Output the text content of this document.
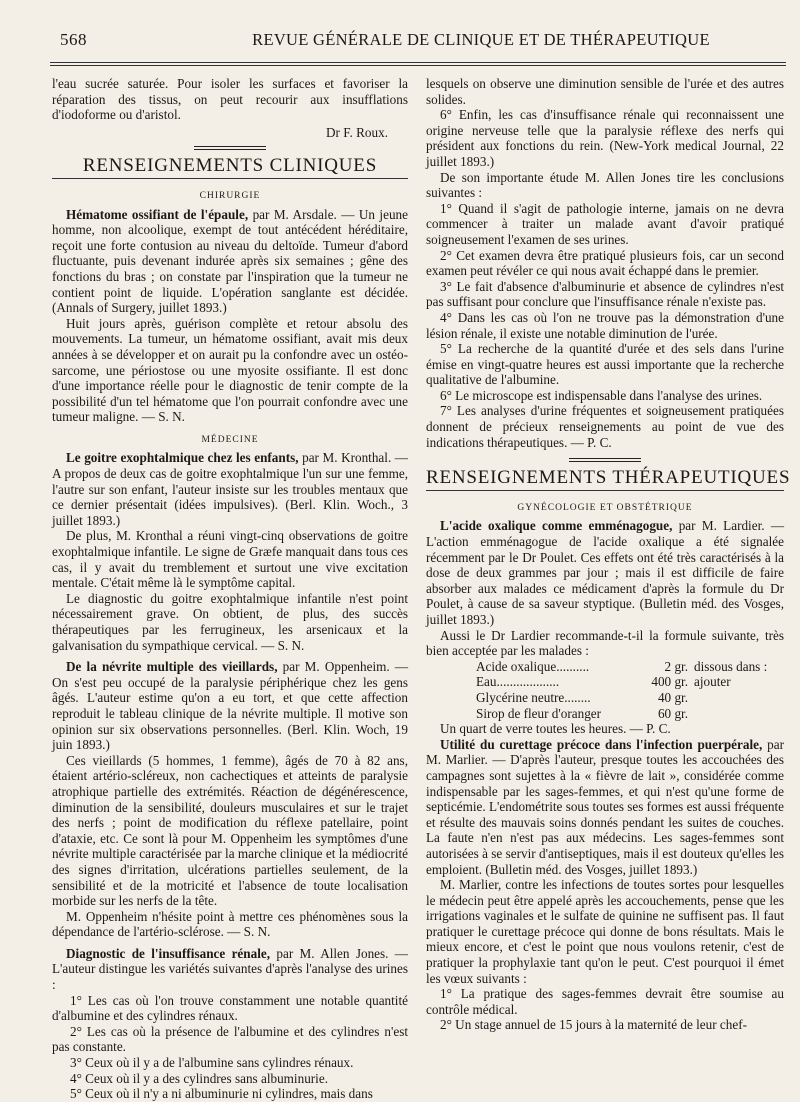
568	REVUE GÉNÉRALE DE CLINIQUE ET DE THÉRAPEUTIQUE

l'eau sucrée saturée. Pour isoler les surfaces et favoriser la réparation des tissus, on peut recourir aux insufflations d'iodoforme ou d'aristol.

Dr F. Roux.
RENSEIGNEMENTS CLINIQUES
CHIRURGIE

Hématome ossifiant de l'épaule, par M. Arsdale. — Un jeune homme, non alcoolique, exempt de tout antécédent héréditaire, reçoit une forte contusion au niveau du deltoïde. Tumeur d'abord fluctuante, puis devenant indurée après six semaines ; gêne des fonctions du bras ; on constate par l'inspiration que la tumeur ne contient point de liquide. L'opération sanglante est décidée. (Annals of Surgery, juillet 1893.)

Huit jours après, guérison complète et retour absolu des mouvements. La tumeur, un hématome ossifiant, avait mis deux années à se développer et on aurait pu la confondre avec un ostéo-sarcome, une périostose ou une myosite ossifiante. Il est donc d'une importance réelle pour le diagnostic de tenir compte de la possibilité d'un tel hématome que l'on pourrait confondre avec une tumeur maligne. — S. N.

MÉDECINE

Le goitre exophtalmique chez les enfants, par M. Kronthal. — A propos de deux cas de goitre exophtalmique l'un sur une femme, l'autre sur son enfant, l'auteur insiste sur les troubles mentaux que ce dernier présentait (idées impulsives). (Berl. Klin. Woch., 3 juillet 1893.)

De plus, M. Kronthal a réuni vingt-cinq observations de goitre exophtalmique infantile. Le signe de Græfe manquait dans tous ces cas, il y avait du tremblement et surtout une vive excitation mentale. C'était même là le symptôme capital.

Le diagnostic du goitre exophtalmique infantile n'est point nécessairement grave. On obtient, de plus, des succès thérapeutiques par les ferrugineux, les arsenicaux et la galvanisation du sympathique cervical. — S. N.

De la névrite multiple des vieillards, par M. Oppenheim. — On s'est peu occupé de la paralysie périphérique chez les gens âgés. L'auteur estime qu'on a eu tort, et que cette affection reproduit le tableau clinique de la névrite multiple. Il motive son opinion sur six observations personnelles. (Berl. Klin. Woch, 19 juin 1893.)

Ces vieillards (5 hommes, 1 femme), âgés de 70 à 82 ans, étaient artério-scléreux, non cachectiques et atteints de paralysie atrophique partielle des extrémités. Réaction de dégénérescence, diminution de la sensibilité, douleurs musculaires et sur le trajet des nerfs ; point de modification du réflexe patellaire, point d'ataxie, etc. Ce sont là pour M. Oppenheim les symptômes d'une névrite multiple caractérisée par la marche clinique et la médiocrité des signes d'irritation, ulcérations partielles seulement, de la sensibilité et de la motricité et l'absence de toute localisation morbide sur les nerfs de la tête.

M. Oppenheim n'hésite point à mettre ces phénomènes sous la dépendance de l'artério-sclérose. — S. N.

Diagnostic de l'insuffisance rénale, par M. Allen Jones. — L'auteur distingue les variétés suivantes d'après l'analyse des urines :

1° Les cas où l'on trouve constamment une notable quantité d'albumine et des cylindres rénaux.

2° Les cas où la présence de l'albumine et des cylindres n'est pas constante.

3° Ceux où il y a de l'albumine sans cylindres rénaux.

4° Ceux où il y a des cylindres sans albuminurie.

5° Ceux où il n'y a ni albuminurie ni cylindres, mais dans

lesquels on observe une diminution sensible de l'urée et des autres solides.

6° Enfin, les cas d'insuffisance rénale qui reconnaissent une origine nerveuse telle que la paralysie réflexe des nerfs qui président aux fonctions du rein. (New-York medical Journal, 22 juillet 1893.)

De son importante étude M. Allen Jones tire les conclusions suivantes :

1° Quand il s'agit de pathologie interne, jamais on ne devra commencer à traiter un malade avant d'avoir pratiqué soigneusement l'examen de ses urines.

2° Cet examen devra être pratiqué plusieurs fois, car un second examen peut révéler ce qui nous avait échappé dans le premier.

3° Le fait d'absence d'albuminurie et absence de cylindres n'est pas suffisant pour conclure que l'insuffisance rénale n'existe pas.

4° Dans les cas où l'on ne trouve pas la démonstration d'une lésion rénale, il existe une notable diminution de l'urée.

5° La recherche de la quantité d'urée et des sels dans l'urine émise en vingt-quatre heures est aussi importante que la recherche qualitative de l'albumine.

6° Le microscope est indispensable dans l'analyse des urines.

7° Les analyses d'urine fréquentes et soigneusement pratiquées donnent de précieux renseignements au point de vue des indications thérapeutiques. — P. C.

RENSEIGNEMENTS THÉRAPEUTIQUES
GYNÉCOLOGIE ET OBSTÉTRIQUE

L'acide oxalique comme emménagogue, par M. Lardier. — L'action emménagogue de l'acide oxalique a été signalée récemment par le Dr Poulet. Ces effets ont été très caractérisés à la dose de deux grammes par jour ; mais il est difficile de faire absorber aux malades ce médicament d'après la formule du Dr Poulet, à cause de sa saveur styptique. (Bulletin méd. des Vosges, juillet 1893.)

Aussi le Dr Lardier recommande-t-il la formule suivante, très bien acceptée par les malades :

Acide oxalique..........	2 gr. dissous dans :
Eau...................	400 gr. ajouter
Glycérine neutre........	40 gr.
Sirop de fleur d'oranger	60 gr.

Un quart de verre toutes les heures. — P. C.

Utilité du curettage précoce dans l'infection puerpérale, par M. Marlier. — D'après l'auteur, presque toutes les accouchées des campagnes sont sujettes à la « fièvre de lait », considérée comme indispensable par les sages-femmes, et qui n'est qu'une forme de septicémie. L'endométrite sous toutes ses formes est aussi fréquente et résulte des mauvais soins donnés pendant les suites de couches. La faute n'en n'est pas aux médecins. Les sages-femmes sont autorisées à se servir d'antiseptiques, mais il est douteux qu'elles les emploient. (Bulletin méd. des Vosges, juillet 1893.)

M. Marlier, contre les infections de toutes sortes pour lesquelles le médecin peut être appelé après les accouchements, pense que les irrigations vaginales et le sulfate de quinine ne suffisent pas. Il faut pratiquer le curettage précoce qui donne de bons résultats. Mais le mieux encore, et c'est le point que nous voulons retenir, c'est de pratiquer la prophylaxie tant qu'on le peut. C'est pourquoi il émet les vœux suivants :

1° La pratique des sages-femmes devrait être soumise au contrôle médical.

2° Un stage annuel de 15 jours à la maternité de leur chef-
